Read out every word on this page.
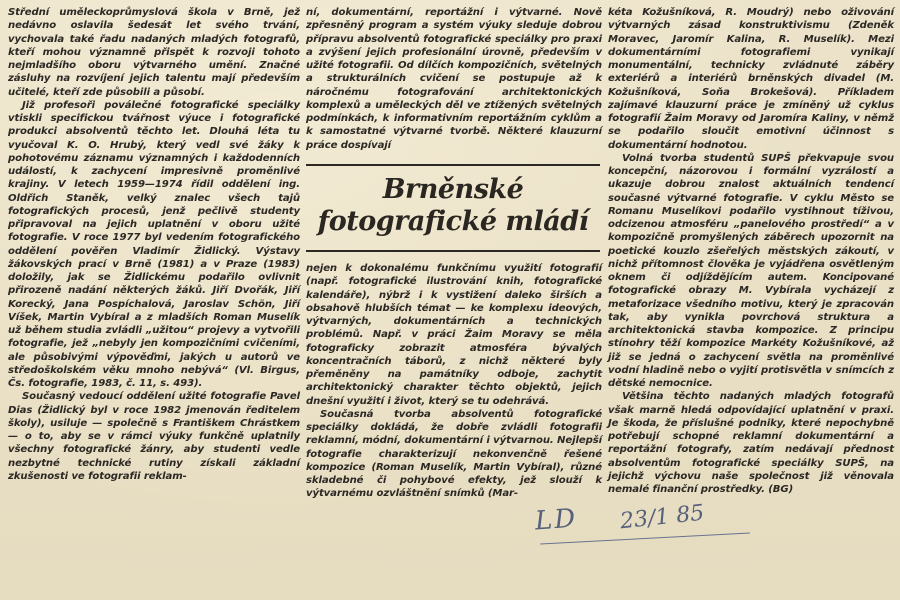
Střední uměleckoprůmyslová škola v Brně, jež nedávno oslavila šedesát let svého trvání, vychovala také řadu nadaných mladých fotografů, kteří mohou významně přispět k rozvoji tohoto nejmladšího oboru výtvarného umění. Značné zásluhy na rozvíjení jejich talentu mají především učitelé, kteří zde působili a působí.

Již profesoři poválečné fotografické speciálky vtiskli specifickou tvářnost výuce i fotografické produkci absolventů těchto let. Dlouhá léta tu vyučoval K. O. Hrubý, který vedl své žáky k pohotovému záznamu významných i každodenních událostí, k zachycení impresivně proměnlivé krajiny. V letech 1959—1974 řídil oddělení ing. Oldřich Staněk, velký znalec všech tajů fotografických procesů, jenž pečlivě studenty připravoval na jejich uplatnění v oboru užité fotografie. V roce 1977 byl vedením fotografického oddělení pověřen Vladimír Židlický. Výstavy žákovských prací v Brně (1981) a v Praze (1983) doložily, jak se Židlickému podařilo ovlivnit přirozeně nadání některých žáků. Jiří Dvořák, Jiří Korecký, Jana Pospíchalová, Jaroslav Schön, Jiří Víšek, Martin Vybíral a z mladších Roman Muselík už během studia zvládli „užitou“ projevy a vytvořili fotografie, jež „nebyly jen kompozičními cvičeními, ale působivými výpověďmi, jakých u autorů ve středoškolském věku mnoho nebývá“ (Vl. Birgus, Čs. fotografie, 1983, č. 11, s. 493).

Současný vedoucí oddělení užité fotografie Pavel Dias (Židlický byl v roce 1982 jmenován ředitelem školy), usiluje — společně s Františkem Chrástkem — o to, aby se v rámci výuky funkčně uplatnily všechny fotografické žánry, aby studenti vedle nezbytné technické rutiny získali základní zkušenosti ve fotografii reklam-

ní, dokumentární, reportážní i výtvarné. Nově zpřesněný program a systém výuky sleduje dobrou přípravu absolventů fotografické speciálky pro praxi a zvýšení jejich profesionální úrovně, především v užité fotografii. Od dílčích kompozičních, světelných a strukturálních cvičení se postupuje až k náročnému fotografování architektonických komplexů a uměleckých děl ve ztížených světelných podmínkách, k informativním reportážním cyklům a k samostatné výtvarné tvorbě. Některé klauzurní práce dospívají

Brněnské fotografické mládí

nejen k dokonalému funkčnímu využití fotografií (např. fotografické ilustrování knih, fotografické kalendáře), nýbrž i k vystižení daleko širších a obsahově hlubších témat — ke komplexu ideových, výtvarných, dokumentárních a technických problémů. Např. v práci Žaim Moravy se měla fotograficky zobrazit atmosféra bývalých koncentračních táborů, z nichž některé byly přeměněny na památníky odboje, zachytit architektonický charakter těchto objektů, jejich dnešní využití i život, který se tu odehrává.

Současná tvorba absolventů fotografické speciálky dokládá, že dobře zvládli fotografii reklamní, módní, dokumentární i výtvarnou. Nejlepší fotografie charakterizují nekonvenčně řešené kompozice (Roman Muselík, Martin Vybíral), různé skladebné či pohybové efekty, jež slouží k výtvarnému ozvláštnění snímků (Mar-

kéta Kožušníková, R. Moudrý) nebo oživování výtvarných zásad konstruktivismu (Zdeněk Moravec, Jaromír Kalina, R. Muselík). Mezi dokumentárními fotografiemi vynikají monumentální, technicky zvládnuté záběry exteriérů a interiérů brněnských divadel (M. Kožušníková, Soňa Brokešová). Příkladem zajímavé klauzurní práce je zmíněný už cyklus fotografií Žaim Moravy od Jaromíra Kaliny, v němž se podařilo sloučit emotivní účinnost s dokumentární hodnotou.

Volná tvorba studentů SUPŠ překvapuje svou koncepční, názorovou i formální vyzrálostí a ukazuje dobrou znalost aktuálních tendencí současné výtvarné fotografie. V cyklu Město se Romanu Muselíkovi podařilo vystihnout tíživou, odcizenou atmosféru „panelového prostředí“ a v kompozičně promyšlených záběrech upozornit na poetické kouzlo zšeřelých městských zákoutí, v nichž přítomnost člověka je vyjádřena osvětleným oknem či odjíždějícím autem. Koncipované fotografické obrazy M. Vybírala vycházejí z metaforizace všedního motivu, který je zpracován tak, aby vynikla povrchová struktura a architektonická stavba kompozice. Z principu stínohry těží kompozice Markéty Kožušníkové, až již se jedná o zachycení světla na proměnlivé vodní hladině nebo o vyjití protisvětla v snímcích z dětské nemocnice.

Většina těchto nadaných mladých fotografů však marně hledá odpovídající uplatnění v praxi. Je škoda, že příslušné podniky, které nepochybně potřebují schopné reklamní dokumentární a reportážní fotografy, zatím nedávají přednost absolventům fotografické speciálky SUPŠ, na jejichž výchovu naše společnost již věnovala nemalé finanční prostředky. (BG)

LD 23/1 85
